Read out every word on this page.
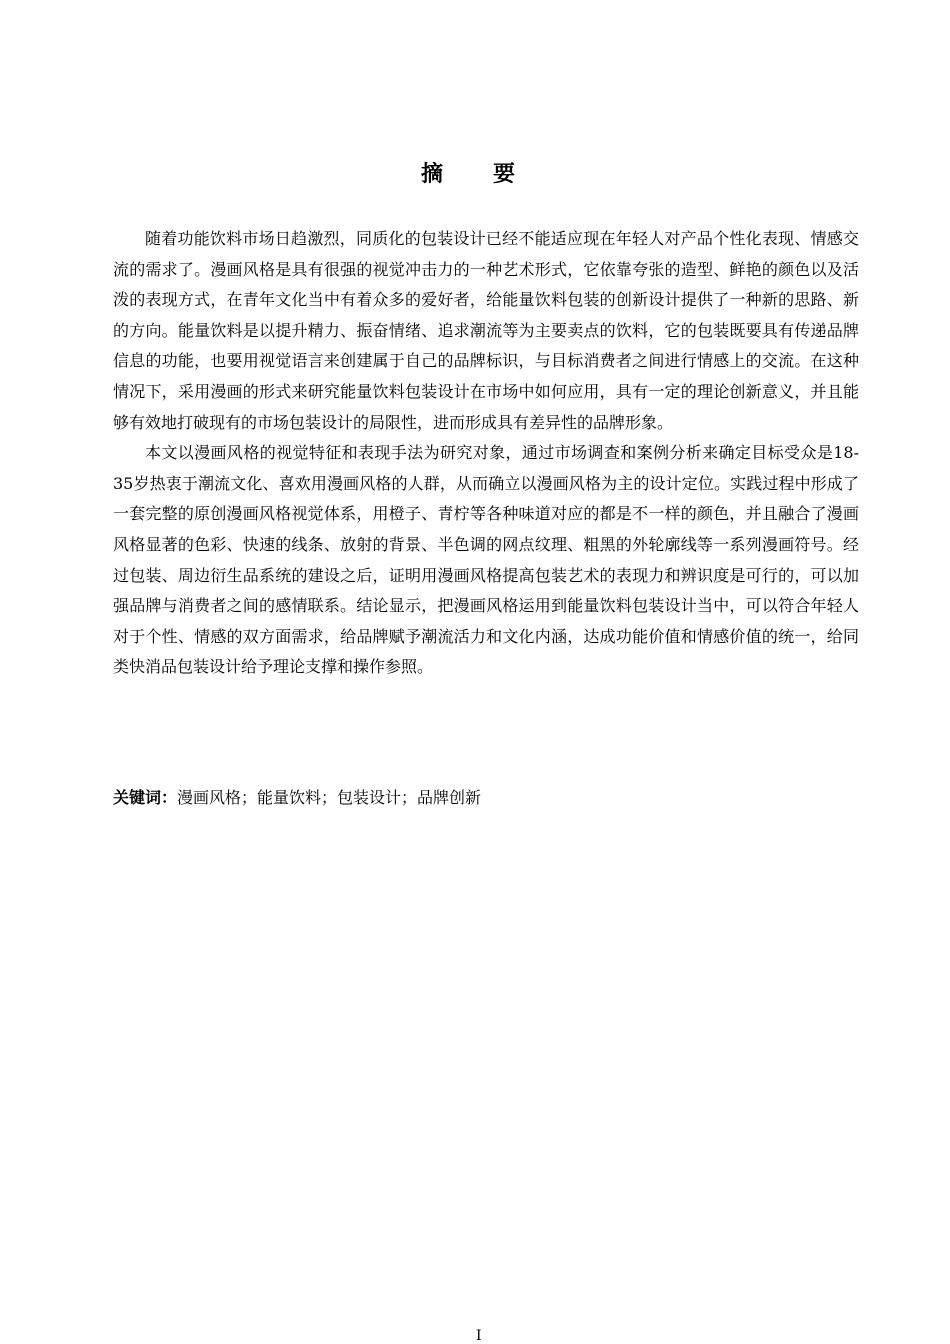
摘　要

随着功能饮料市场日趋激烈，同质化的包装设计已经不能适应现在年轻人对产品个性化表现、情感交流的需求了。漫画风格是具有很强的视觉冲击力的一种艺术形式，它依靠夸张的造型、鲜艳的颜色以及活泼的表现方式，在青年文化当中有着众多的爱好者，给能量饮料包装的创新设计提供了一种新的思路、新的方向。能量饮料是以提升精力、振奋情绪、追求潮流等为主要卖点的饮料，它的包装既要具有传递品牌信息的功能，也要用视觉语言来创建属于自己的品牌标识，与目标消费者之间进行情感上的交流。在这种情况下，采用漫画的形式来研究能量饮料包装设计在市场中如何应用，具有一定的理论创新意义，并且能够有效地打破现有的市场包装设计的局限性，进而形成具有差异性的品牌形象。

本文以漫画风格的视觉特征和表现手法为研究对象，通过市场调查和案例分析来确定目标受众是18-35岁热衷于潮流文化、喜欢用漫画风格的人群，从而确立以漫画风格为主的设计定位。实践过程中形成了一套完整的原创漫画风格视觉体系，用橙子、青柠等各种味道对应的都是不一样的颜色，并且融合了漫画风格显著的色彩、快速的线条、放射的背景、半色调的网点纹理、粗黑的外轮廓线等一系列漫画符号。经过包装、周边衍生品系统的建设之后，证明用漫画风格提高包装艺术的表现力和辨识度是可行的，可以加强品牌与消费者之间的感情联系。结论显示，把漫画风格运用到能量饮料包装设计当中，可以符合年轻人对于个性、情感的双方面需求，给品牌赋予潮流活力和文化内涵，达成功能价值和情感价值的统一，给同类快消品包装设计给予理论支撑和操作参照。

关键词：漫画风格；能量饮料；包装设计；品牌创新
I
